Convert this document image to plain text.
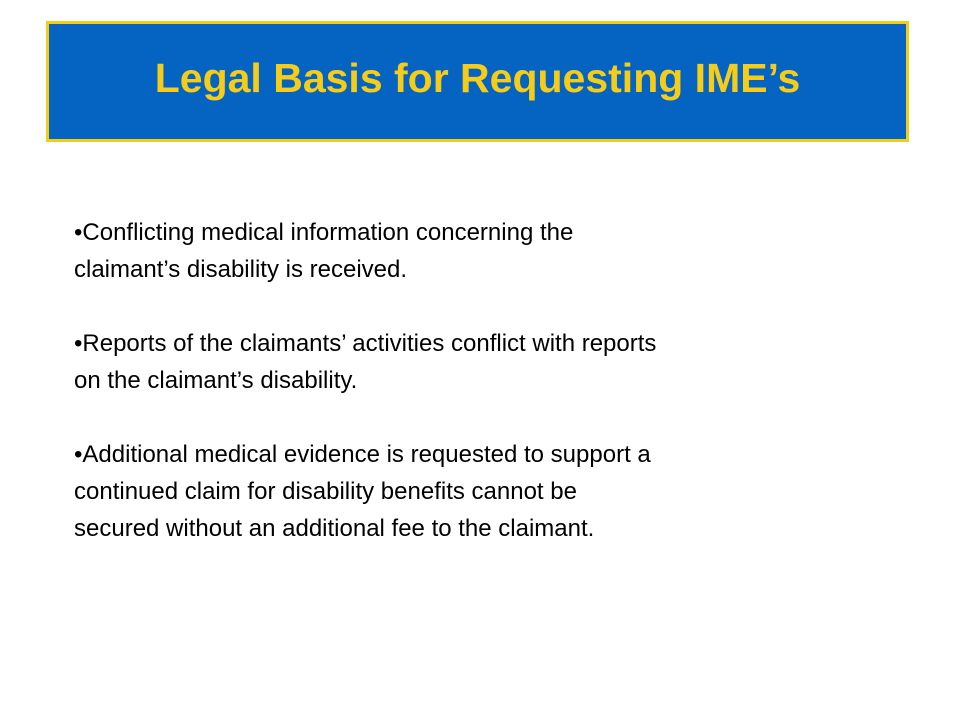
Legal Basis for Requesting IME’s

•Conflicting medical information concerning the
claimant’s disability is received.

•Reports of the claimants’ activities conflict with reports
on the claimant’s disability.

•Additional medical evidence is requested to support a
continued claim for disability benefits cannot be
secured without an additional fee to the claimant.
